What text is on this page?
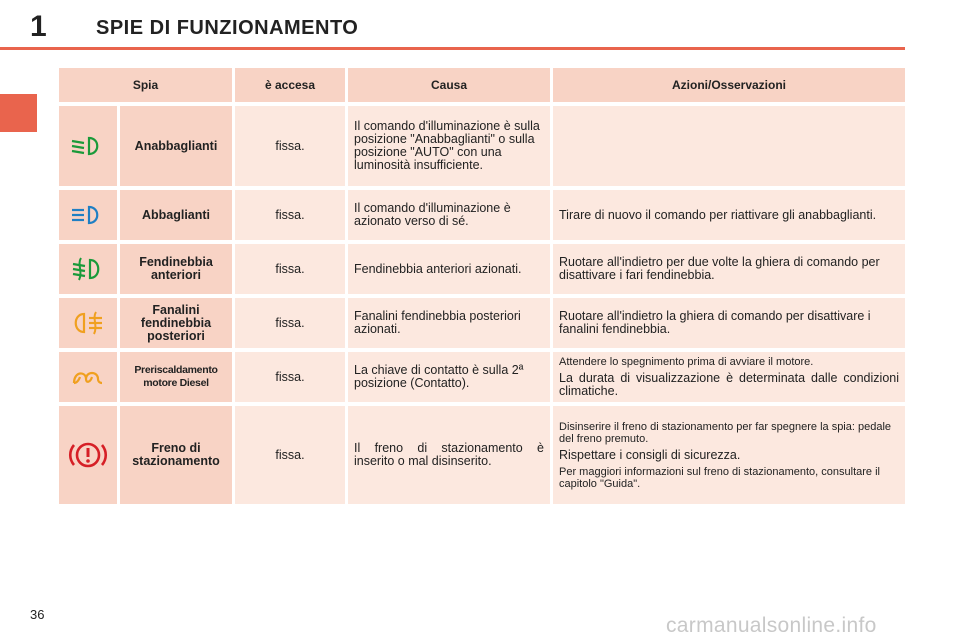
1 SPIE DI FUNZIONAMENTO
Spia		è accesa	Causa	Azioni/Osservazioni
	Anabbaglianti	fissa.	Il comando d'illuminazione è sulla posizione "Anabbaglianti" o sulla posizione "AUTO" con una luminosità insufficiente.	
	Abbaglianti	fissa.	Il comando d'illuminazione è azionato verso di sé.	Tirare di nuovo il comando per riattivare gli anabbaglianti.

	Fendinebbia anteriori	fissa.	Fendinebbia anteriori azionati.	Ruotare all'indietro per due volte la ghiera di comando per disattivare i fari fendinebbia.

	Fanalini fendinebbia posteriori	fissa.	Fanalini fendinebbia posteriori azionati.	Ruotare all'indietro la ghiera di comando per disattivare i fanalini fendinebbia.

	Preriscaldamento motore Diesel	fissa.	La chiave di contatto è sulla 2ª posizione (Contatto).	Attendere lo spegnimento prima di avviare il motore.

La durata di visualizzazione è determinata dalle condizioni climatiche.

	Freno di stazionamento	fissa.	Il freno di stazionamento è inserito o mal disinserito.	Disinserire il freno di stazionamento per far spegnere la spia: pedale del freno premuto.

Rispettare i consigli di sicurezza.

Per maggiori informazioni sul freno di stazionamento, consultare il capitolo "Guida".

36	carmanualsonline.info
